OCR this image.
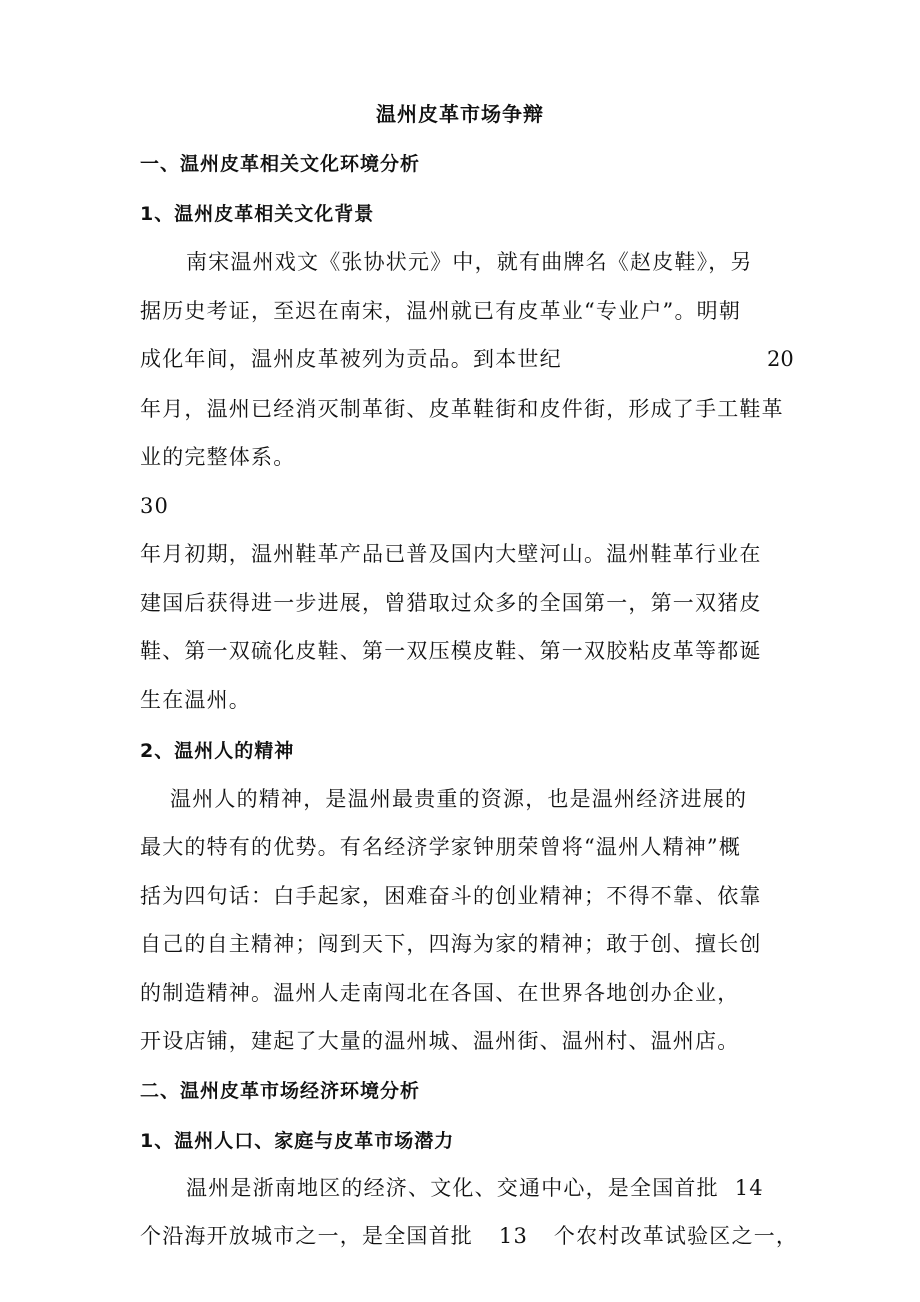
温州皮革市场争辩
一、温州皮革相关文化环境分析
1、温州皮革相关文化背景
南宋温州戏文《张协状元》中，就有曲牌名《赵皮鞋》，另
据历史考证，至迟在南宋，温州就已有皮革业“专业户”。明朝
成化年间，温州皮革被列为贡品。到本世纪	20
年月，温州已经消灭制革街、皮革鞋街和皮件街，形成了手工鞋革
业的完整体系。
30
年月初期，温州鞋革产品已普及国内大壁河山。温州鞋革行业在
建国后获得进一步进展，曾猎取过众多的全国第一，第一双猪皮
鞋、第一双硫化皮鞋、第一双压模皮鞋、第一双胶粘皮革等都诞
生在温州。
2、温州人的精神
温州人的精神，是温州最贵重的资源，也是温州经济进展的
最大的特有的优势。有名经济学家钟朋荣曾将“温州人精神”概
括为四句话：白手起家，困难奋斗的创业精神；不得不靠、依靠
自己的自主精神；闯到天下，四海为家的精神；敢于创、擅长创
的制造精神。温州人走南闯北在各国、在世界各地创办企业，
开设店铺，建起了大量的温州城、温州街、温州村、温州店。
二、温州皮革市场经济环境分析
1、温州人口、家庭与皮革市场潜力
温州是浙南地区的经济、文化、交通中心，是全国首批 14
个沿海开放城市之一，是全国首批 13 个农村改革试验区之一，
